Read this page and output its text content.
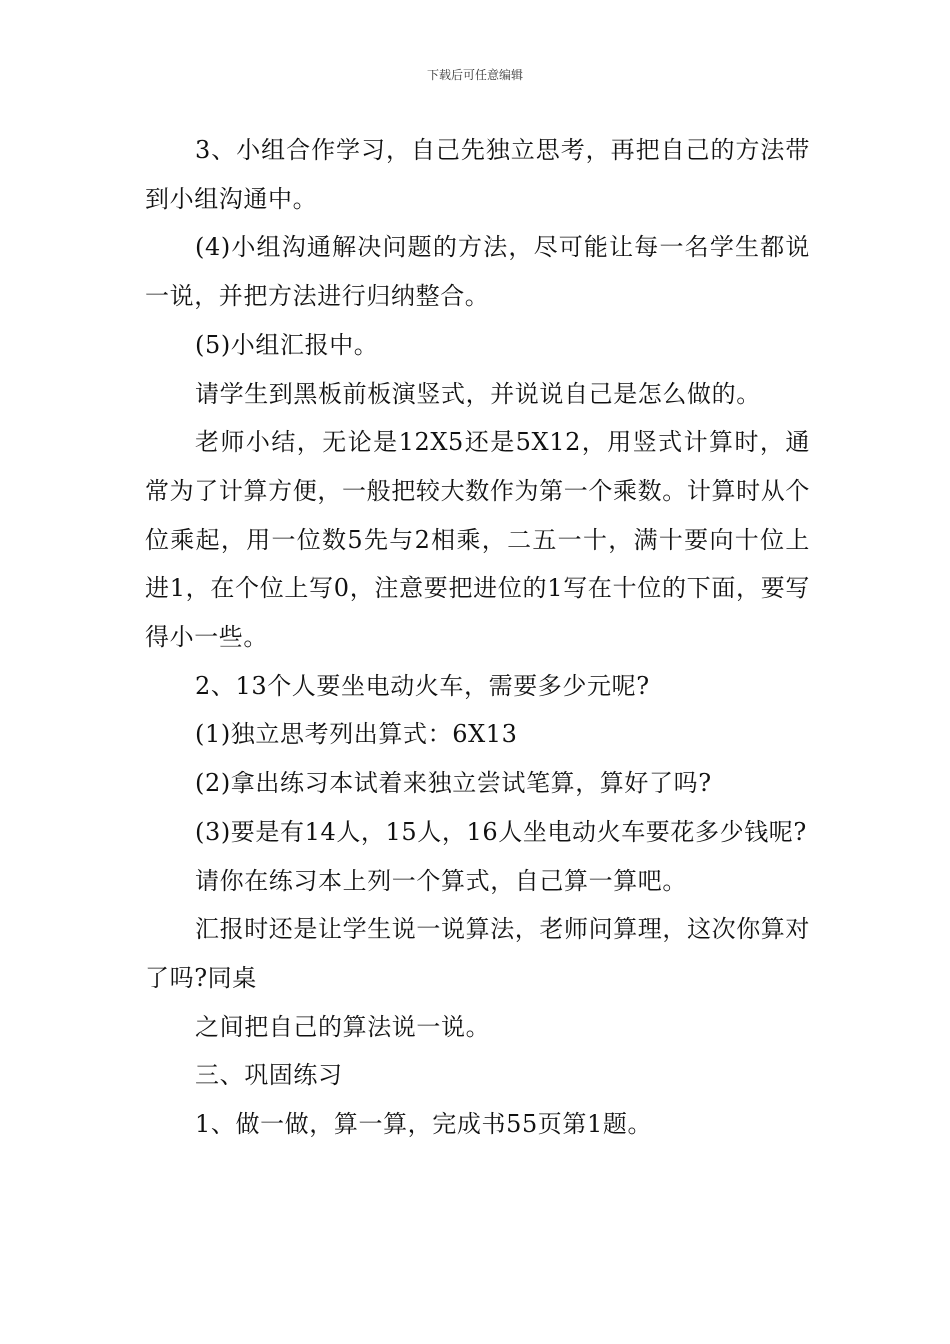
下载后可任意编辑

3、小组合作学习，自己先独立思考，再把自己的方法带到小组沟通中。

(4)小组沟通解决问题的方法，尽可能让每一名学生都说一说，并把方法进行归纳整合。

(5)小组汇报中。

请学生到黑板前板演竖式，并说说自己是怎么做的。

老师小结，无论是12X5还是5X12，用竖式计算时，通常为了计算方便，一般把较大数作为第一个乘数。计算时从个位乘起，用一位数5先与2相乘，二五一十，满十要向十位上进1，在个位上写0，注意要把进位的1写在十位的下面，要写得小一些。

2、13个人要坐电动火车，需要多少元呢?

(1)独立思考列出算式：6X13

(2)拿出练习本试着来独立尝试笔算，算好了吗?

(3)要是有14人，15人，16人坐电动火车要花多少钱呢?

请你在练习本上列一个算式，自己算一算吧。

汇报时还是让学生说一说算法，老师问算理，这次你算对了吗?同桌

之间把自己的算法说一说。

三、巩固练习

1、做一做，算一算，完成书55页第1题。
